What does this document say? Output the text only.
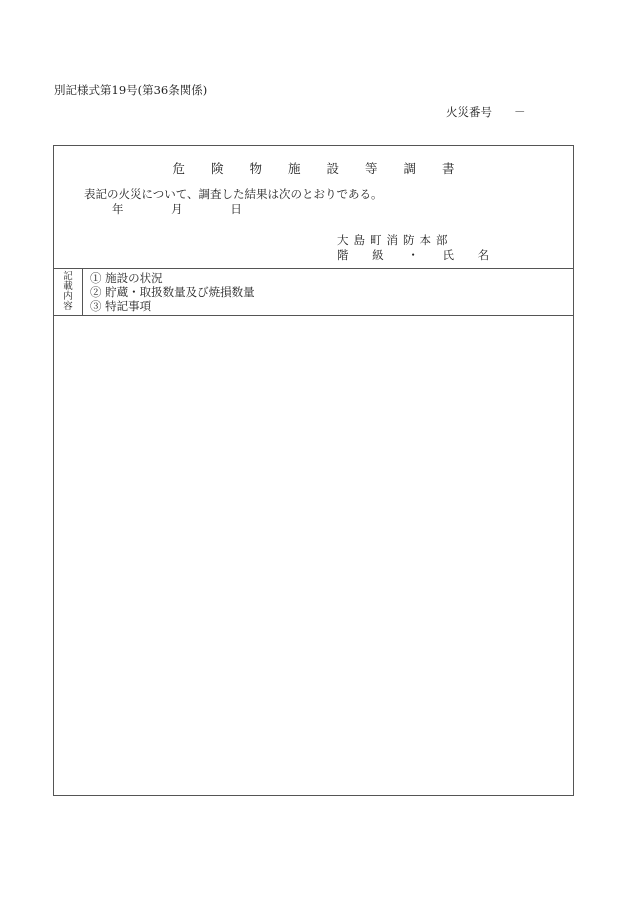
別記様式第19号(第36条関係)
火災番号 －
危険物施設等調書
表記の火災について、調査した結果は次のとおりである。
年	月	日
大島町消防本部
階 級 ・ 氏 名
記
載
内
容
① 施設の状況
② 貯蔵・取扱数量及び焼損数量
③ 特記事項
